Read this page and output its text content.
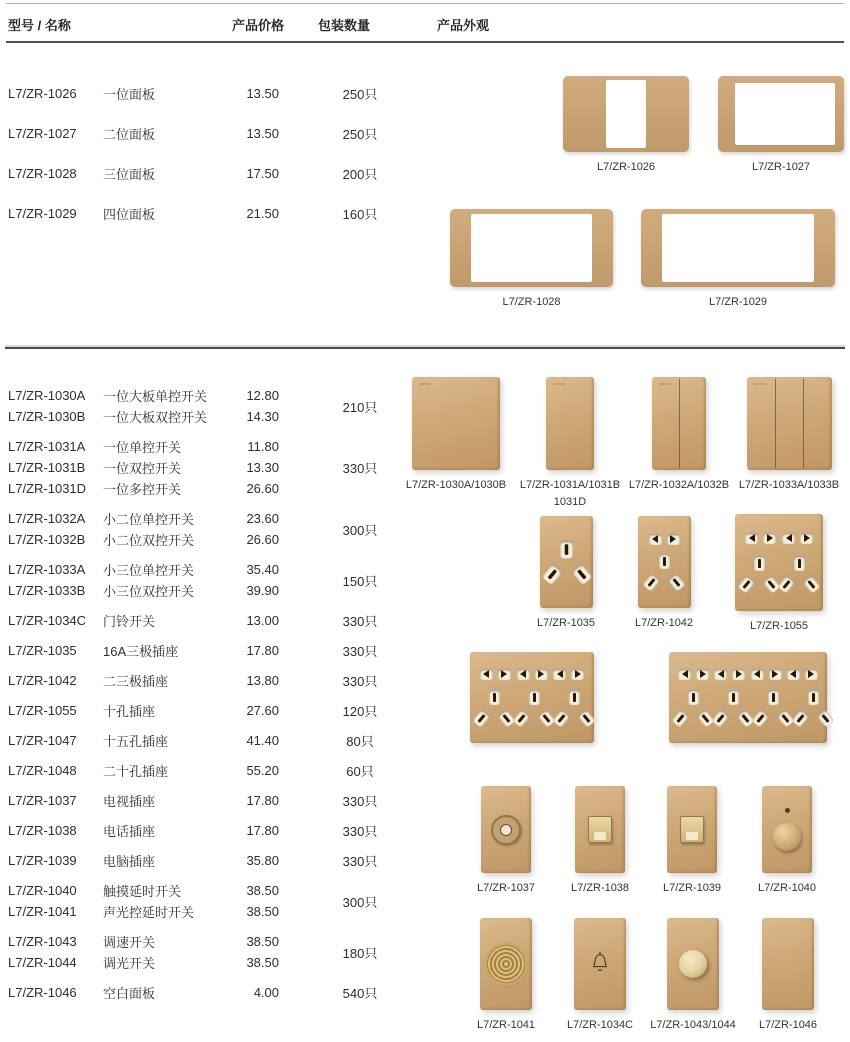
型号 / 名称	产品价格	包装数量	产品外观
L7/ZR-1026	一位面板	13.50	250只
L7/ZR-1027	二位面板	13.50	250只
L7/ZR-1028	三位面板	17.50	200只
L7/ZR-1029	四位面板	21.50	160只
L7/ZR-1030A	一位大板单控开关	12.80
L7/ZR-1030B	一位大板双控开关	14.30
210只
L7/ZR-1031A	一位单控开关	11.80
L7/ZR-1031B	一位双控开关	13.30
L7/ZR-1031D	一位多控开关	26.60
330只
L7/ZR-1032A	小二位单控开关	23.60
L7/ZR-1032B	小二位双控开关	26.60
300只
L7/ZR-1033A	小三位单控开关	35.40
L7/ZR-1033B	小三位双控开关	39.90
150只
L7/ZR-1034C	门铃开关	13.00	330只
L7/ZR-1035	16A三极插座	17.80	330只
L7/ZR-1042	二三极插座	13.80	330只
L7/ZR-1055	十孔插座	27.60	120只
L7/ZR-1047	十五孔插座	41.40	80只
L7/ZR-1048	二十孔插座	55.20	60只
L7/ZR-1037	电视插座	17.80	330只
L7/ZR-1038	电话插座	17.80	330只
L7/ZR-1039	电脑插座	35.80	330只
L7/ZR-1040	触摸延时开关	38.50
L7/ZR-1041	声光控延时开关	38.50
300只
L7/ZR-1043	调速开关	38.50
L7/ZR-1044	调光开关	38.50
180只
L7/ZR-1046	空白面板	4.00	540只
L7/ZR-1026	L7/ZR-1027
L7/ZR-1028	L7/ZR-1029
L7/ZR-1030A/1030B L7/ZR-1031A/1031B
1031D
L7/ZR-1032A/1032B L7/ZR-1033A/1033B
L7/ZR-1035	L7/ZR-1042	L7/ZR-1055
L7/ZR-1037	L7/ZR-1038	L7/ZR-1039	L7/ZR-1040
L7/ZR-1041	L7/ZR-1034C L7/ZR-1043/1044 L7/ZR-1046
